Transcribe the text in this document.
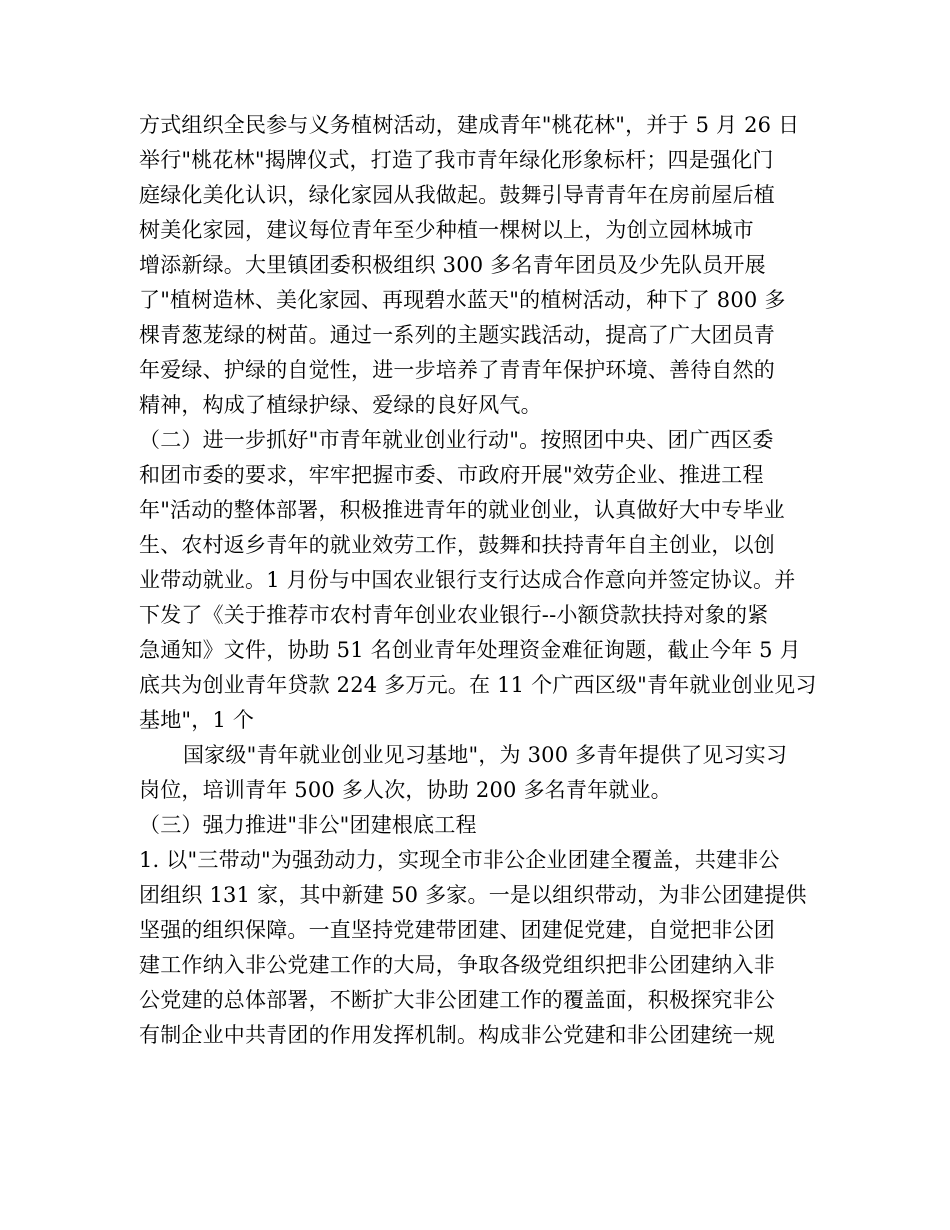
方式组织全民参与义务植树活动，建成青年"桃花林"，并于 5 月 26 日
举行"桃花林"揭牌仪式，打造了我市青年绿化形象标杆；四是强化门
庭绿化美化认识，绿化家园从我做起。鼓舞引导青青年在房前屋后植
树美化家园，建议每位青年至少种植一棵树以上，为创立园林城市
增添新绿。大里镇团委积极组织 300 多名青年团员及少先队员开展
了"植树造林、美化家园、再现碧水蓝天"的植树活动，种下了 800 多
棵青葱茏绿的树苗。通过一系列的主题实践活动，提高了广大团员青
年爱绿、护绿的自觉性，进一步培养了青青年保护环境、善待自然的
精神，构成了植绿护绿、爱绿的良好风气。
（二）进一步抓好"市青年就业创业行动"。按照团中央、团广西区委
和团市委的要求，牢牢把握市委、市政府开展"效劳企业、推进工程
年"活动的整体部署，积极推进青年的就业创业，认真做好大中专毕业
生、农村返乡青年的就业效劳工作，鼓舞和扶持青年自主创业，以创
业带动就业。1 月份与中国农业银行支行达成合作意向并签定协议。并
下发了《关于推荐市农村青年创业农业银行--小额贷款扶持对象的紧
急通知》文件，协助 51 名创业青年处理资金难征询题，截止今年 5 月
底共为创业青年贷款 224 多万元。在 11 个广西区级"青年就业创业见习
基地"，1 个
国家级"青年就业创业见习基地"，为 300 多青年提供了见习实习
岗位，培训青年 500 多人次，协助 200 多名青年就业。
（三）强力推进"非公"团建根底工程
1. 以"三带动"为强劲动力，实现全市非公企业团建全覆盖，共建非公
团组织 131 家，其中新建 50 多家。一是以组织带动，为非公团建提供
坚强的组织保障。一直坚持党建带团建、团建促党建，自觉把非公团
建工作纳入非公党建工作的大局，争取各级党组织把非公团建纳入非
公党建的总体部署，不断扩大非公团建工作的覆盖面，积极探究非公
有制企业中共青团的作用发挥机制。构成非公党建和非公团建统一规
